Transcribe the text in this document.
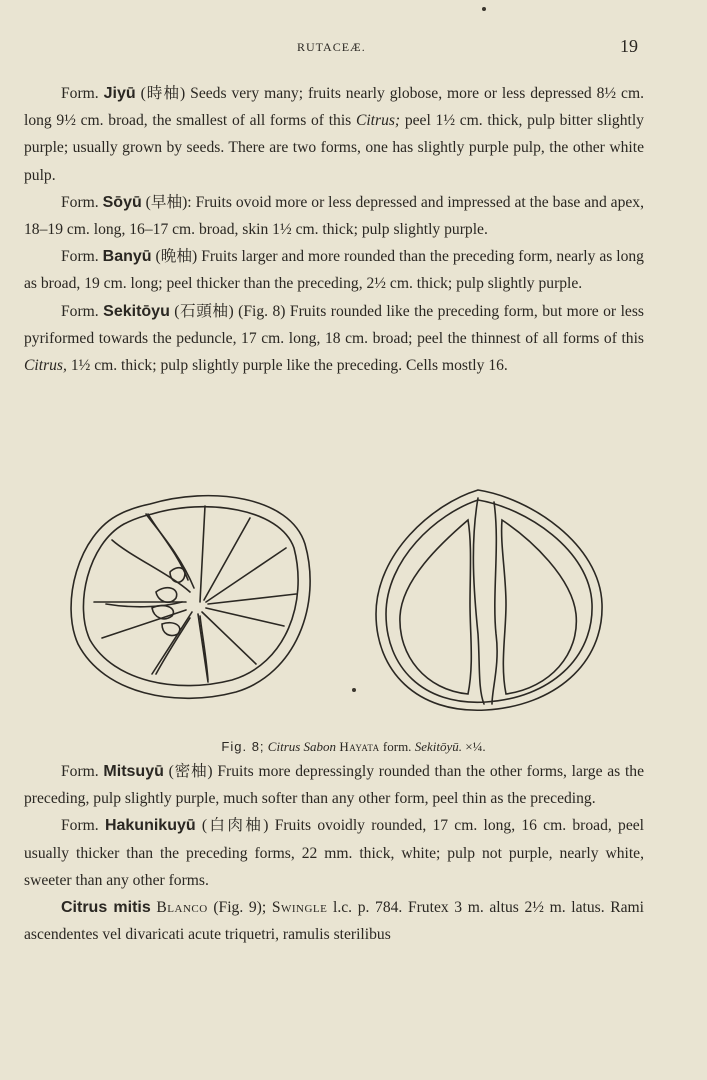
RUTACEÆ.	19

Form. Jiyū (時柚) Seeds very many; fruits nearly globose, more or less depressed 8½ cm. long 9½ cm. broad, the smallest of all forms of this Citrus; peel 1½ cm. thick, pulp bitter slightly purple; usually grown by seeds. There are two forms, one has slightly purple pulp, the other white pulp.

Form. Sōyū (早柚): Fruits ovoid more or less depressed and impressed at the base and apex, 18–19 cm. long, 16–17 cm. broad, skin 1½ cm. thick; pulp slightly purple.

Form. Banyū (晩柚) Fruits larger and more rounded than the preceding form, nearly as long as broad, 19 cm. long; peel thicker than the preceding, 2½ cm. thick; pulp slightly purple.

Form. Sekitōyu (石頭柚) (Fig. 8) Fruits rounded like the preceding form, but more or less pyriformed towards the peduncle, 17 cm. long, 18 cm. broad; peel the thinnest of all forms of this Citrus, 1½ cm. thick; pulp slightly purple like the preceding. Cells mostly 16.

Fig. 8; Citrus Sabon Hayata form. Sekitōyū. ×¼.

Form. Mitsuyū (密柚) Fruits more depressingly rounded than the other forms, large as the preceding, pulp slightly purple, much softer than any other form, peel thin as the preceding.

Form. Hakunikuyū (白肉柚) Fruits ovoidly rounded, 17 cm. long, 16 cm. broad, peel usually thicker than the preceding forms, 22 mm. thick, white; pulp not purple, nearly white, sweeter than any other forms.

Citrus mitis Blanco (Fig. 9); Swingle l.c. p. 784. Frutex 3 m. altus 2½ m. latus. Rami ascendentes vel divaricati acute triquetri, ramulis sterilibus
